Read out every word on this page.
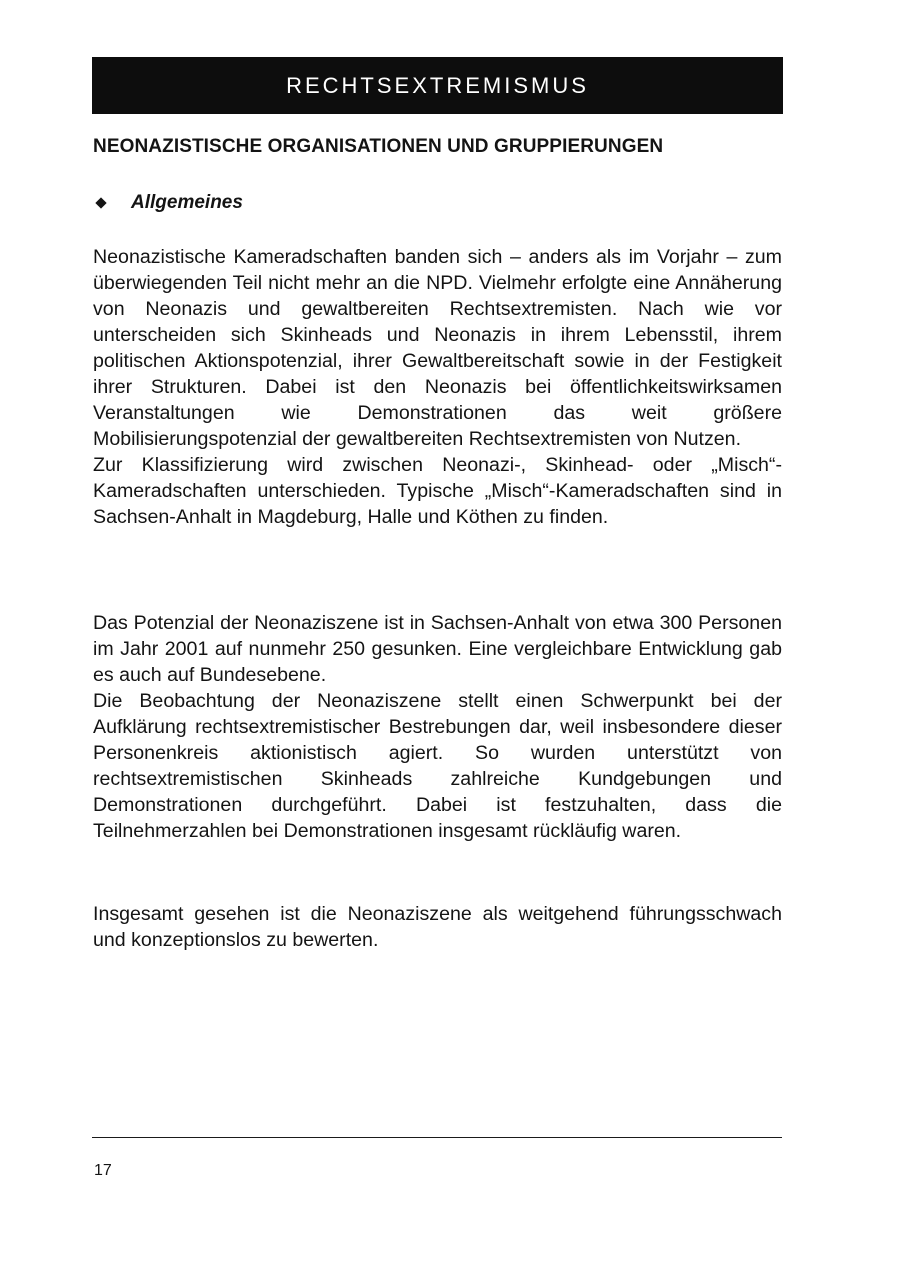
RECHTSEXTREMISMUS
NEONAZISTISCHE ORGANISATIONEN UND GRUPPIERUNGEN
Allgemeines

Neonazistische Kameradschaften banden sich – anders als im Vorjahr – zum überwiegenden Teil nicht mehr an die NPD. Vielmehr erfolgte eine Annäherung von Neonazis und gewaltbereiten Rechtsextremisten. Nach wie vor unterscheiden sich Skinheads und Neonazis in ihrem Lebensstil, ihrem politischen Aktionspotenzial, ihrer Gewaltbereitschaft sowie in der Festigkeit ihrer Strukturen. Dabei ist den Neonazis bei öffentlichkeitswirksamen Veranstaltungen wie Demonstrationen das weit größere Mobilisierungspotenzial der gewaltbereiten Rechtsextremisten von Nutzen.

Zur Klassifizierung wird zwischen Neonazi-, Skinhead- oder „Misch“-Kameradschaften unterschieden. Typische „Misch“-Kameradschaften sind in Sachsen-Anhalt in Magdeburg, Halle und Köthen zu finden.

Das Potenzial der Neonaziszene ist in Sachsen-Anhalt von etwa 300 Personen im Jahr 2001 auf nunmehr 250 gesunken. Eine vergleichbare Entwicklung gab es auch auf Bundesebene.

Die Beobachtung der Neonaziszene stellt einen Schwerpunkt bei der Aufklärung rechtsextremistischer Bestrebungen dar, weil insbesondere dieser Personenkreis aktionistisch agiert. So wurden unterstützt von rechtsextremistischen Skinheads zahlreiche Kundgebungen und Demonstrationen durchgeführt. Dabei ist festzuhalten, dass die Teilnehmerzahlen bei Demonstrationen insgesamt rückläufig waren.

Insgesamt gesehen ist die Neonaziszene als weitgehend führungsschwach und konzeptionslos zu bewerten.

17
